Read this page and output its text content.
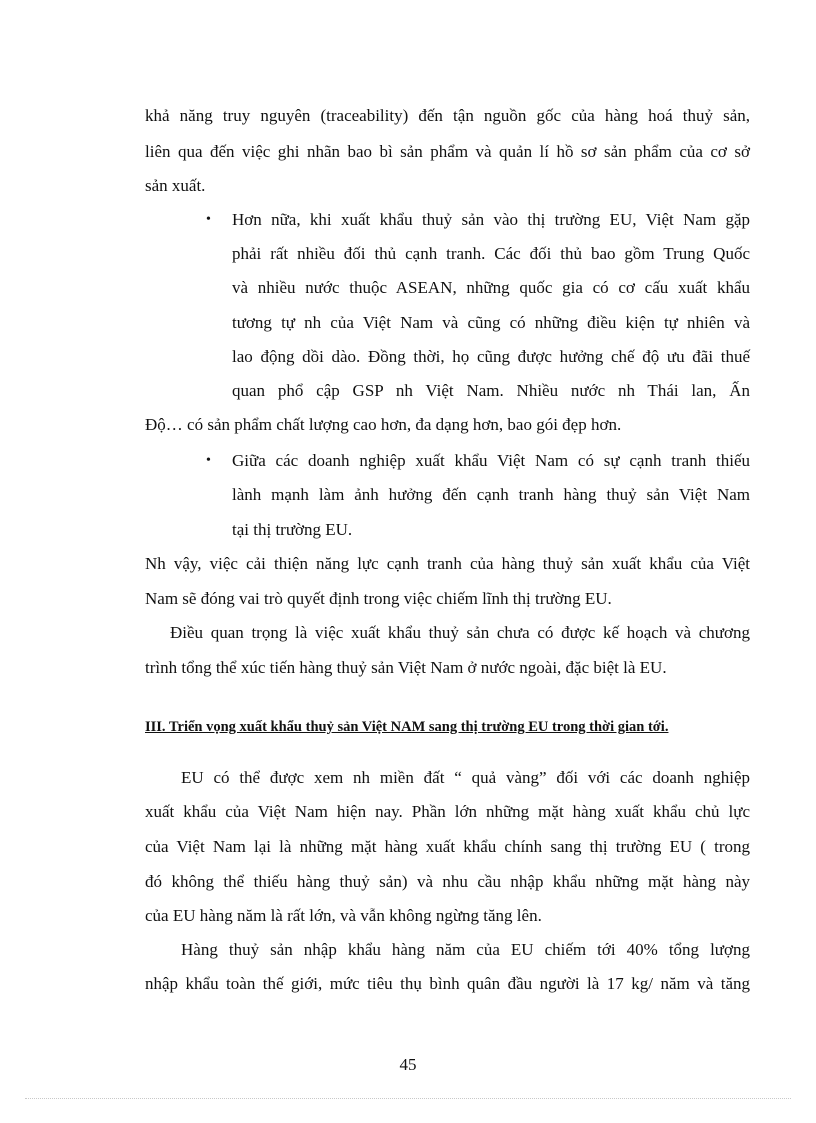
khả năng truy nguyên (traceability) đến tận nguồn gốc của hàng hoá thuỷ sản,
liên qua đến việc ghi nhãn bao bì sản phẩm và quản lí hồ sơ sản phẩm của cơ sở
sản xuất.
• Hơn nữa, khi xuất khẩu thuỷ sản vào thị trường EU, Việt Nam gặp
phải rất nhiều đối thủ cạnh tranh. Các đối thủ bao gồm Trung Quốc
và nhiều nước thuộc ASEAN, những quốc gia có cơ cấu xuất khẩu
tương tự nh của Việt Nam và cũng có những điều kiện tự nhiên và
lao động dồi dào. Đồng thời, họ cũng được hưởng chế độ ưu đãi thuế
quan phổ cập GSP nh Việt Nam. Nhiều nước nh Thái lan, Ấn
Độ… có sản phẩm chất lượng cao hơn, đa dạng hơn, bao gói đẹp hơn.
• Giữa các doanh nghiệp xuất khẩu Việt Nam có sự cạnh tranh thiếu
lành mạnh làm ảnh hưởng đến cạnh tranh hàng thuỷ sản Việt Nam
tại thị trường EU.
Nh vậy, việc cải thiện năng lực cạnh tranh của hàng thuỷ sản xuất khẩu của Việt
Nam sẽ đóng vai trò quyết định trong việc chiếm lĩnh thị trường EU.
Điều quan trọng là việc xuất khẩu thuỷ sản chưa có được kế hoạch và chương
trình tổng thể xúc tiến hàng thuỷ sản Việt Nam ở nước ngoài, đặc biệt là EU.
III. Triển vọng xuất khẩu thuỷ sản Việt NAM sang thị trường EU trong thời gian tới.
EU có thể được xem nh miền đất “ quả vàng” đối với các doanh nghiệp
xuất khẩu của Việt Nam hiện nay. Phần lớn những mặt hàng xuất khẩu chủ lực
của Việt Nam lại là những mặt hàng xuất khẩu chính sang thị trường EU ( trong
đó không thể thiếu hàng thuỷ sản) và nhu cầu nhập khẩu những mặt hàng này
của EU hàng năm là rất lớn, và vẫn không ngừng tăng lên.
Hàng thuỷ sản nhập khẩu hàng năm của EU chiếm tới 40% tổng lượng
nhập khẩu toàn thế giới, mức tiêu thụ bình quân đầu người là 17 kg/ năm và tăng
45
